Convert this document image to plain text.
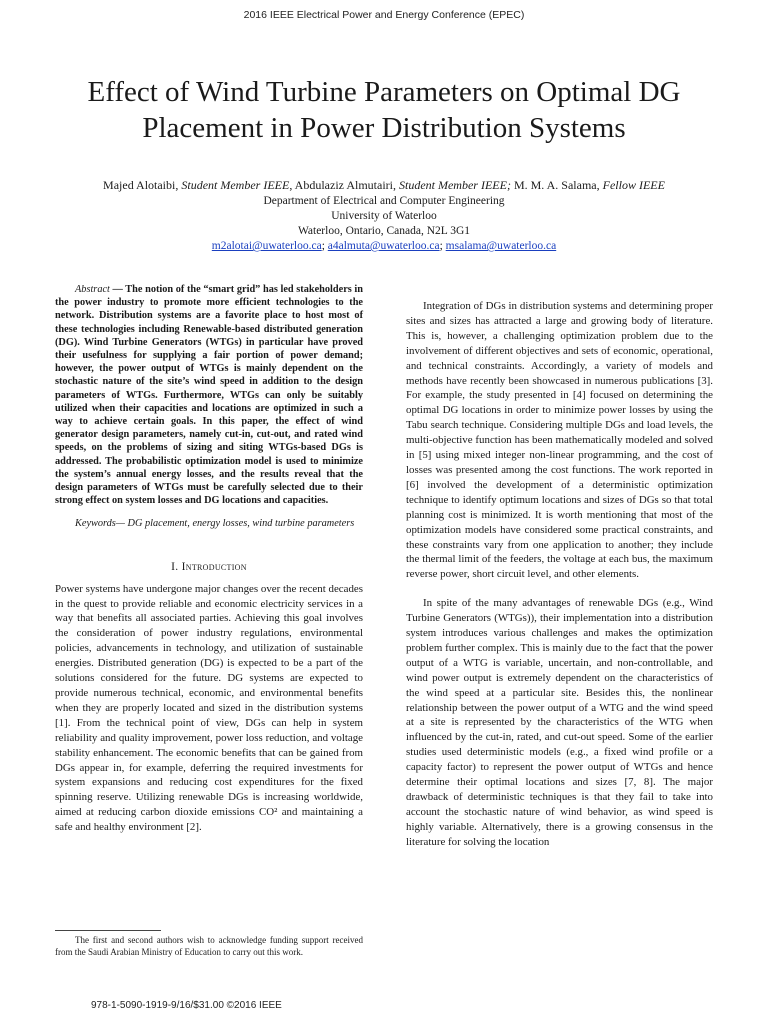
2016 IEEE Electrical Power and Energy Conference (EPEC)
Effect of Wind Turbine Parameters on Optimal DG
Placement in Power Distribution Systems
Majed Alotaibi, Student Member IEEE, Abdulaziz Almutairi, Student Member IEEE; M. M. A. Salama, Fellow IEEE
Department of Electrical and Computer Engineering
University of Waterloo
Waterloo, Ontario, Canada, N2L 3G1
m2alotai@uwaterloo.ca; a4almuta@uwaterloo.ca; msalama@uwaterloo.ca

Abstract — The notion of the “smart grid” has led stakeholders in the power industry to promote more efficient technologies to the network. Distribution systems are a favorite place to host most of these technologies including Renewable-based distributed generation (DG). Wind Turbine Generators (WTGs) in particular have proved their usefulness for supplying a fair portion of power demand; however, the power output of WTGs is mainly dependent on the stochastic nature of the site’s wind speed in addition to the design parameters of WTGs. Furthermore, WTGs can only be suitably utilized when their capacities and locations are optimized in such a way to achieve certain goals. In this paper, the effect of wind generator design parameters, namely cut-in, cut-out, and rated wind speeds, on the problems of sizing and siting WTGs-based DGs is addressed. The probabilistic optimization model is used to minimize the system’s annual energy losses, and the results reveal that the design parameters of WTGs must be carefully selected due to their strong effect on system losses and DG locations and capacities.

Keywords— DG placement, energy losses, wind turbine parameters
I. Introduction

Power systems have undergone major changes over the recent decades in the quest to provide reliable and economic electricity services in a way that benefits all associated parties. Achieving this goal involves the consideration of power industry regulations, environmental policies, advancements in technology, and utilization of sustainable energies. Distributed generation (DG) is expected to be a part of the solutions considered for the future. DG systems are expected to provide numerous technical, economic, and environmental benefits when they are properly located and sized in the distribution systems [1]. From the technical point of view, DGs can help in system reliability and quality improvement, power loss reduction, and voltage stability enhancement. The economic benefits that can be gained from DGs appear in, for example, deferring the required investments for system expansions and reducing cost expenditures for the fixed spinning reserve. Utilizing renewable DGs is increasing worldwide, aimed at reducing carbon dioxide emissions CO² and maintaining a safe and healthy environment [2].

Integration of DGs in distribution systems and determining proper sites and sizes has attracted a large and growing body of literature. This is, however, a challenging optimization problem due to the involvement of different objectives and sets of economic, operational, and technical constraints. Accordingly, a variety of models and methods have recently been showcased in numerous publications [3]. For example, the study presented in [4] focused on determining the optimal DG locations in order to minimize power losses by using the Tabu search technique. Considering multiple DGs and load levels, the multi-objective function has been mathematically modeled and solved in [5] using mixed integer non-linear programming, and the cost of losses was presented among the cost functions. The work reported in [6] involved the development of a deterministic optimization technique to identify optimum locations and sizes of DGs so that total planning cost is minimized. It is worth mentioning that most of the optimization models have considered some practical constraints, and these constraints vary from one application to another; they include the thermal limit of the feeders, the voltage at each bus, the maximum reverse power, short circuit level, and other elements.

In spite of the many advantages of renewable DGs (e.g., Wind Turbine Generators (WTGs)), their implementation into a distribution system introduces various challenges and makes the optimization problem further complex. This is mainly due to the fact that the power output of a WTG is variable, uncertain, and non-controllable, and wind power output is extremely dependent on the characteristics of the wind speed at a particular site. Besides this, the nonlinear relationship between the power output of a WTG and the wind speed at a site is represented by the characteristics of the WTG when influenced by the cut-in, rated, and cut-out speed. Some of the earlier studies used deterministic models (e.g., a fixed wind profile or a capacity factor) to represent the power output of WTGs and hence determine their optimal locations and sizes [7, 8]. The major drawback of deterministic techniques is that they fail to take into account the stochastic nature of wind behavior, as wind speed is highly variable. Alternatively, there is a growing consensus in the literature for solving the location

The first and second authors wish to acknowledge funding support received from the Saudi Arabian Ministry of Education to carry out this work.
978-1-5090-1919-9/16/$31.00 ©2016 IEEE
